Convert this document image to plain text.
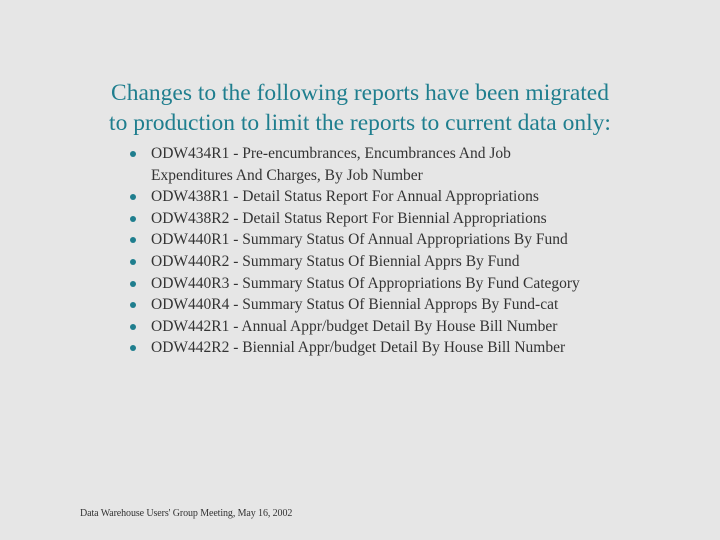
Changes to the following reports have been migrated
to production to limit the reports to current data only:
ODW434R1 - Pre-encumbrances, Encumbrances And Job
Expenditures And Charges, By Job Number
ODW438R1 - Detail Status Report For Annual Appropriations
ODW438R2 - Detail Status Report For Biennial Appropriations
ODW440R1 - Summary Status Of Annual Appropriations By Fund
ODW440R2 - Summary Status Of Biennial Apprs By Fund
ODW440R3 - Summary Status Of Appropriations By Fund Category
ODW440R4 - Summary Status Of Biennial Approps By Fund-cat
ODW442R1 - Annual Appr/budget Detail By House Bill Number
ODW442R2 - Biennial Appr/budget Detail By House Bill Number
Data Warehouse Users' Group Meeting, May 16, 2002
